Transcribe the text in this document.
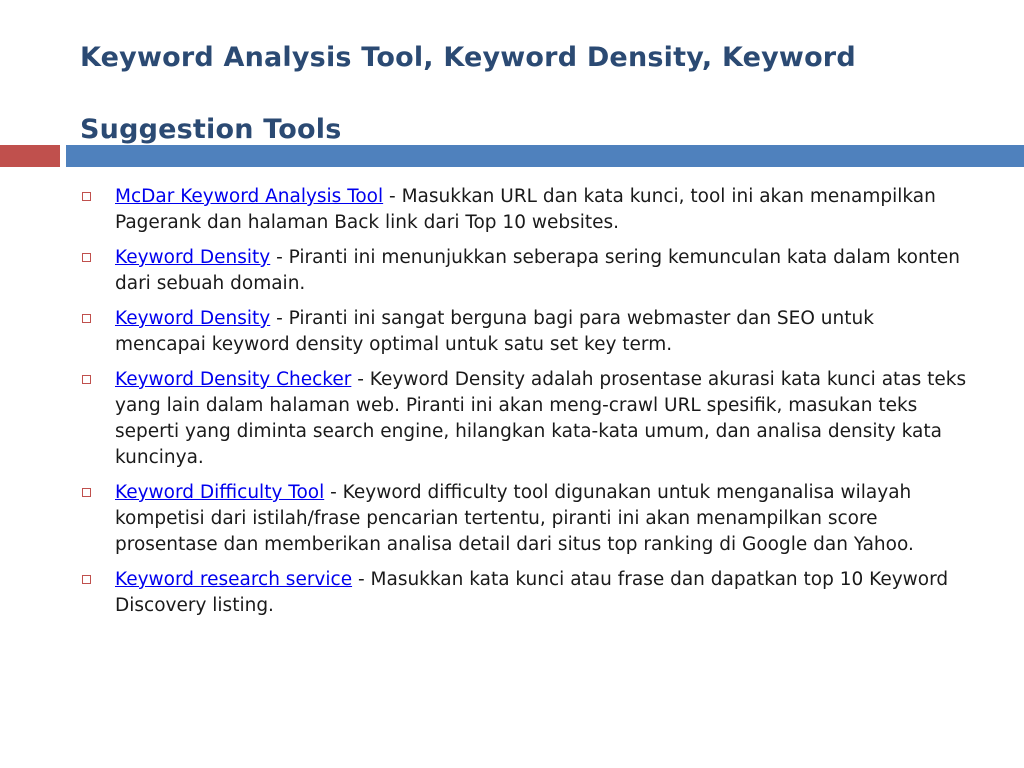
Keyword Analysis Tool, Keyword Density, Keyword Suggestion Tools
McDar Keyword Analysis Tool - Masukkan URL dan kata kunci, tool ini akan menampilkan Pagerank dan halaman Back link dari Top 10 websites.
Keyword Density - Piranti ini menunjukkan seberapa sering kemunculan kata dalam konten dari sebuah domain.
Keyword Density - Piranti ini sangat berguna bagi para webmaster dan SEO untuk mencapai keyword density optimal untuk satu set key term.
Keyword Density Checker - Keyword Density adalah prosentase akurasi kata kunci atas teks yang lain dalam halaman web. Piranti ini akan meng-crawl URL spesifik, masukan teks seperti yang diminta search engine, hilangkan kata-kata umum, dan analisa density kata kuncinya.
Keyword Difficulty Tool - Keyword difficulty tool digunakan untuk menganalisa wilayah kompetisi dari istilah/frase pencarian tertentu, piranti ini akan menampilkan score prosentase dan memberikan analisa detail dari situs top ranking di Google dan Yahoo.
Keyword research service - Masukkan kata kunci atau frase dan dapatkan top 10 Keyword Discovery listing.
